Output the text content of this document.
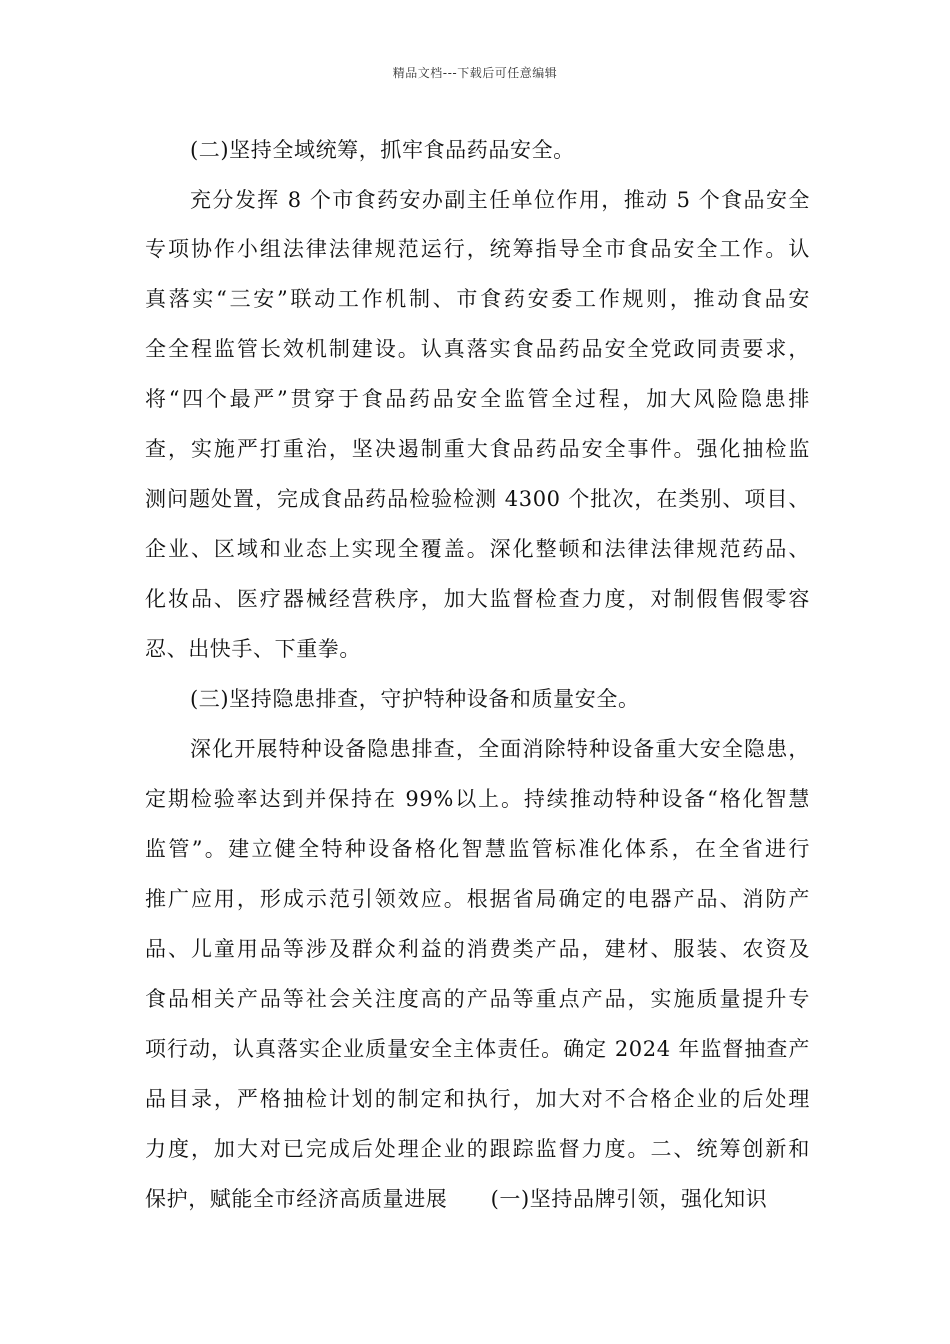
精品文档---下载后可任意编辑
(二)坚持全域统筹，抓牢食品药品安全。
充分发挥 8 个市食药安办副主任单位作用，推动 5 个食品安全
专项协作小组法律法律规范运行，统筹指导全市食品安全工作。认
真落实“三安”联动工作机制、市食药安委工作规则，推动食品安
全全程监管长效机制建设。认真落实食品药品安全党政同责要求，
将“四个最严”贯穿于食品药品安全监管全过程，加大风险隐患排
查，实施严打重治，坚决遏制重大食品药品安全事件。强化抽检监
测问题处置，完成食品药品检验检测 4300 个批次，在类别、项目、
企业、区域和业态上实现全覆盖。深化整顿和法律法律规范药品、
化妆品、医疗器械经营秩序，加大监督检查力度，对制假售假零容
忍、出快手、下重拳。
(三)坚持隐患排查，守护特种设备和质量安全。
深化开展特种设备隐患排查，全面消除特种设备重大安全隐患，
定期检验率达到并保持在 99%以上。持续推动特种设备“格化智慧
监管”。建立健全特种设备格化智慧监管标准化体系，在全省进行
推广应用，形成示范引领效应。根据省局确定的电器产品、消防产
品、儿童用品等涉及群众利益的消费类产品，建材、服装、农资及
食品相关产品等社会关注度高的产品等重点产品，实施质量提升专
项行动，认真落实企业质量安全主体责任。确定 2024 年监督抽查产
品目录，严格抽检计划的制定和执行，加大对不合格企业的后处理
力度，加大对已完成后处理企业的跟踪监督力度。二、统筹创新和
保护，赋能全市经济高质量进展　　(一)坚持品牌引领，强化知识
